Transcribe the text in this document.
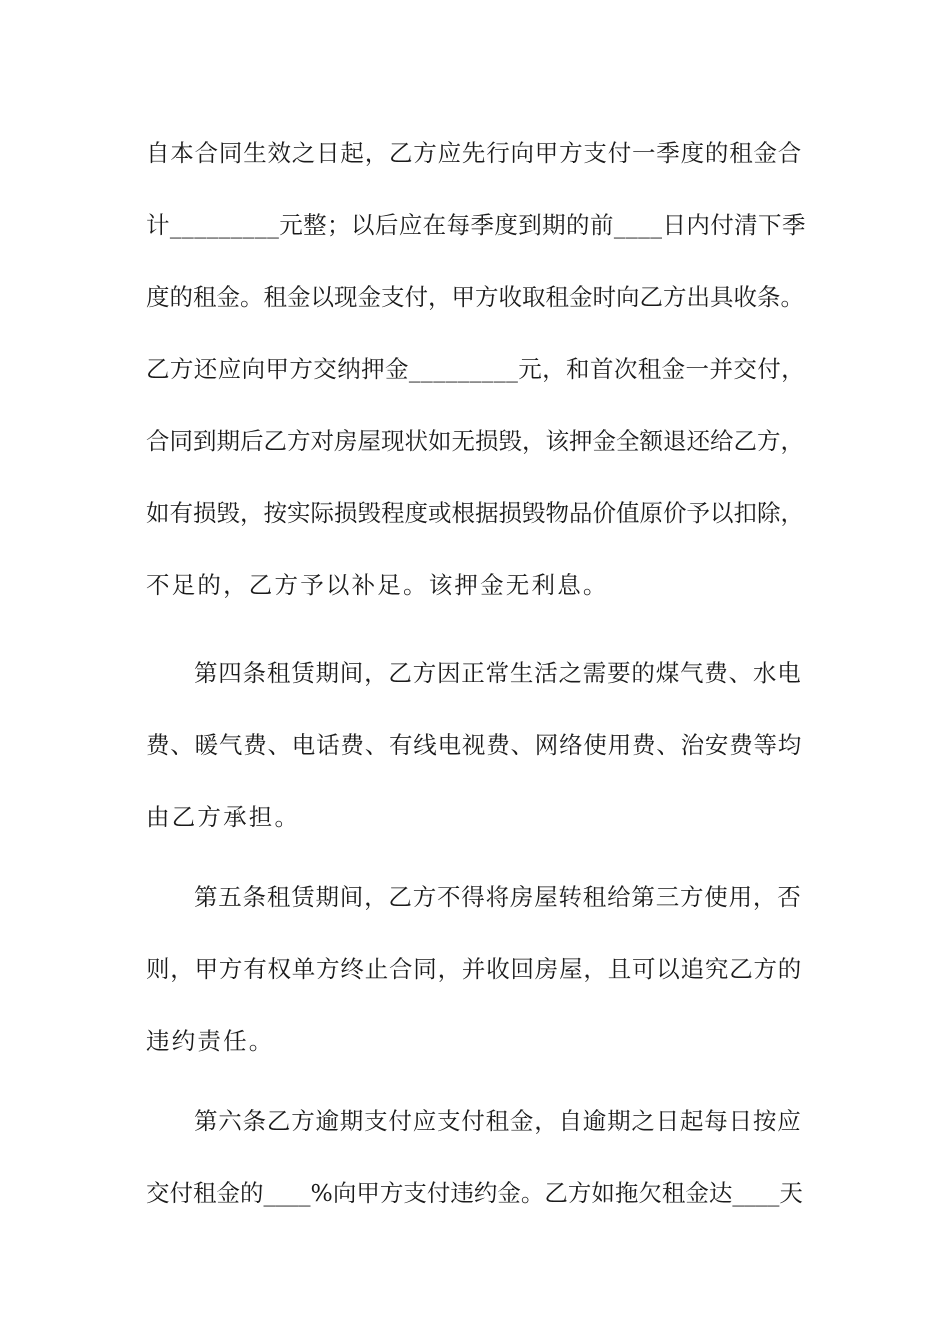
自本合同生效之日起，乙方应先行向甲方支付一季度的租金合
计_________元整；以后应在每季度到期的前____日内付清下季
度的租金。租金以现金支付，甲方收取租金时向乙方出具收条。
乙方还应向甲方交纳押金_________元，和首次租金一并交付，
合同到期后乙方对房屋现状如无损毁，该押金全额退还给乙方，
如有损毁，按实际损毁程度或根据损毁物品价值原价予以扣除，
不足的，乙方予以补足。该押金无利息。
第四条租赁期间，乙方因正常生活之需要的煤气费、水电
费、暖气费、电话费、有线电视费、网络使用费、治安费等均
由乙方承担。
第五条租赁期间，乙方不得将房屋转租给第三方使用，否
则，甲方有权单方终止合同，并收回房屋，且可以追究乙方的
违约责任。
第六条乙方逾期支付应支付租金，自逾期之日起每日按应
交付租金的____%向甲方支付违约金。乙方如拖欠租金达____天
